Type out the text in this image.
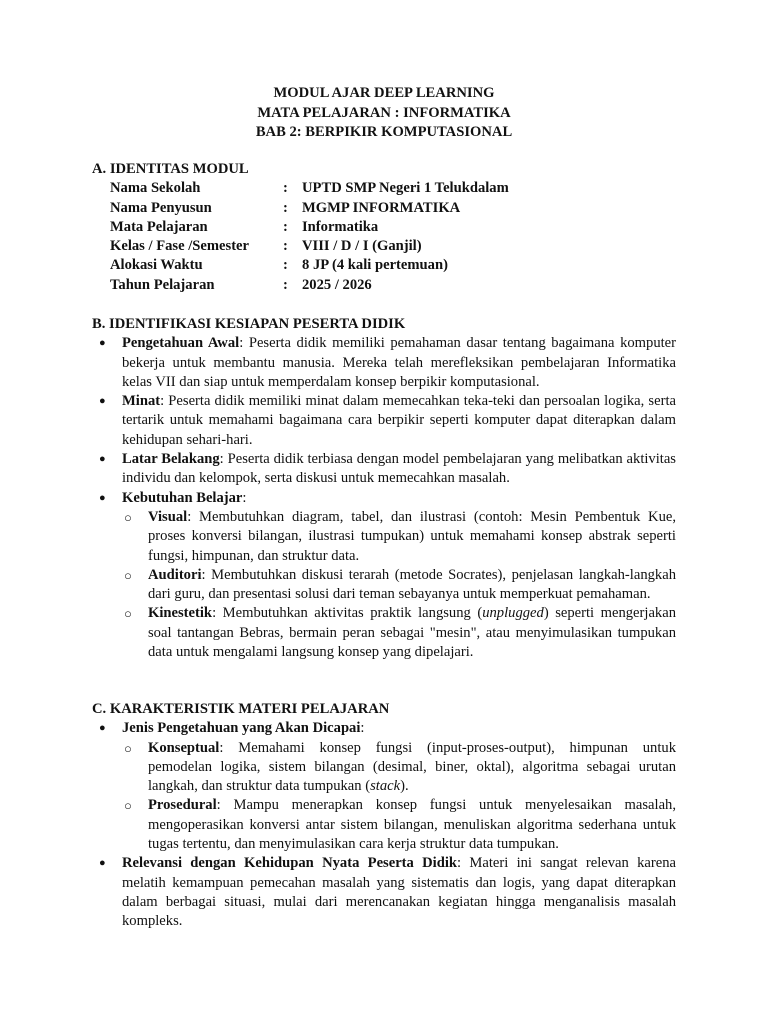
MODUL AJAR DEEP LEARNING
MATA PELAJARAN : INFORMATIKA
BAB 2: BERPIKIR KOMPUTASIONAL
A. IDENTITAS MODUL
Nama Sekolah	:	UPTD SMP Negeri 1 Telukdalam
Nama Penyusun	:	MGMP INFORMATIKA
Mata Pelajaran	:	Informatika
Kelas / Fase /Semester	:	VIII / D / I (Ganjil)
Alokasi Waktu	:	8 JP (4 kali pertemuan)
Tahun Pelajaran	:	2025 / 2026
B. IDENTIFIKASI KESIAPAN PESERTA DIDIK
● Pengetahuan Awal: Peserta didik memiliki pemahaman dasar tentang bagaimana komputer bekerja untuk membantu manusia. Mereka telah merefleksikan pembelajaran Informatika kelas VII dan siap untuk memperdalam konsep berpikir komputasional.
● Minat: Peserta didik memiliki minat dalam memecahkan teka-teki dan persoalan logika, serta tertarik untuk memahami bagaimana cara berpikir seperti komputer dapat diterapkan dalam kehidupan sehari-hari.
● Latar Belakang: Peserta didik terbiasa dengan model pembelajaran yang melibatkan aktivitas individu dan kelompok, serta diskusi untuk memecahkan masalah.
● Kebutuhan Belajar:
○ Visual: Membutuhkan diagram, tabel, dan ilustrasi (contoh: Mesin Pembentuk Kue, proses konversi bilangan, ilustrasi tumpukan) untuk memahami konsep abstrak seperti fungsi, himpunan, dan struktur data.
○ Auditori: Membutuhkan diskusi terarah (metode Socrates), penjelasan langkah-langkah dari guru, dan presentasi solusi dari teman sebayanya untuk memperkuat pemahaman.
○ Kinestetik: Membutuhkan aktivitas praktik langsung (unplugged) seperti mengerjakan soal tantangan Bebras, bermain peran sebagai "mesin", atau menyimulasikan tumpukan data untuk mengalami langsung konsep yang dipelajari.
C. KARAKTERISTIK MATERI PELAJARAN
● Jenis Pengetahuan yang Akan Dicapai:
○ Konseptual: Memahami konsep fungsi (input-proses-output), himpunan untuk pemodelan logika, sistem bilangan (desimal, biner, oktal), algoritma sebagai urutan langkah, dan struktur data tumpukan (stack).
○ Prosedural: Mampu menerapkan konsep fungsi untuk menyelesaikan masalah, mengoperasikan konversi antar sistem bilangan, menuliskan algoritma sederhana untuk tugas tertentu, dan menyimulasikan cara kerja struktur data tumpukan.
● Relevansi dengan Kehidupan Nyata Peserta Didik: Materi ini sangat relevan karena melatih kemampuan pemecahan masalah yang sistematis dan logis, yang dapat diterapkan dalam berbagai situasi, mulai dari merencanakan kegiatan hingga menganalisis masalah kompleks.
